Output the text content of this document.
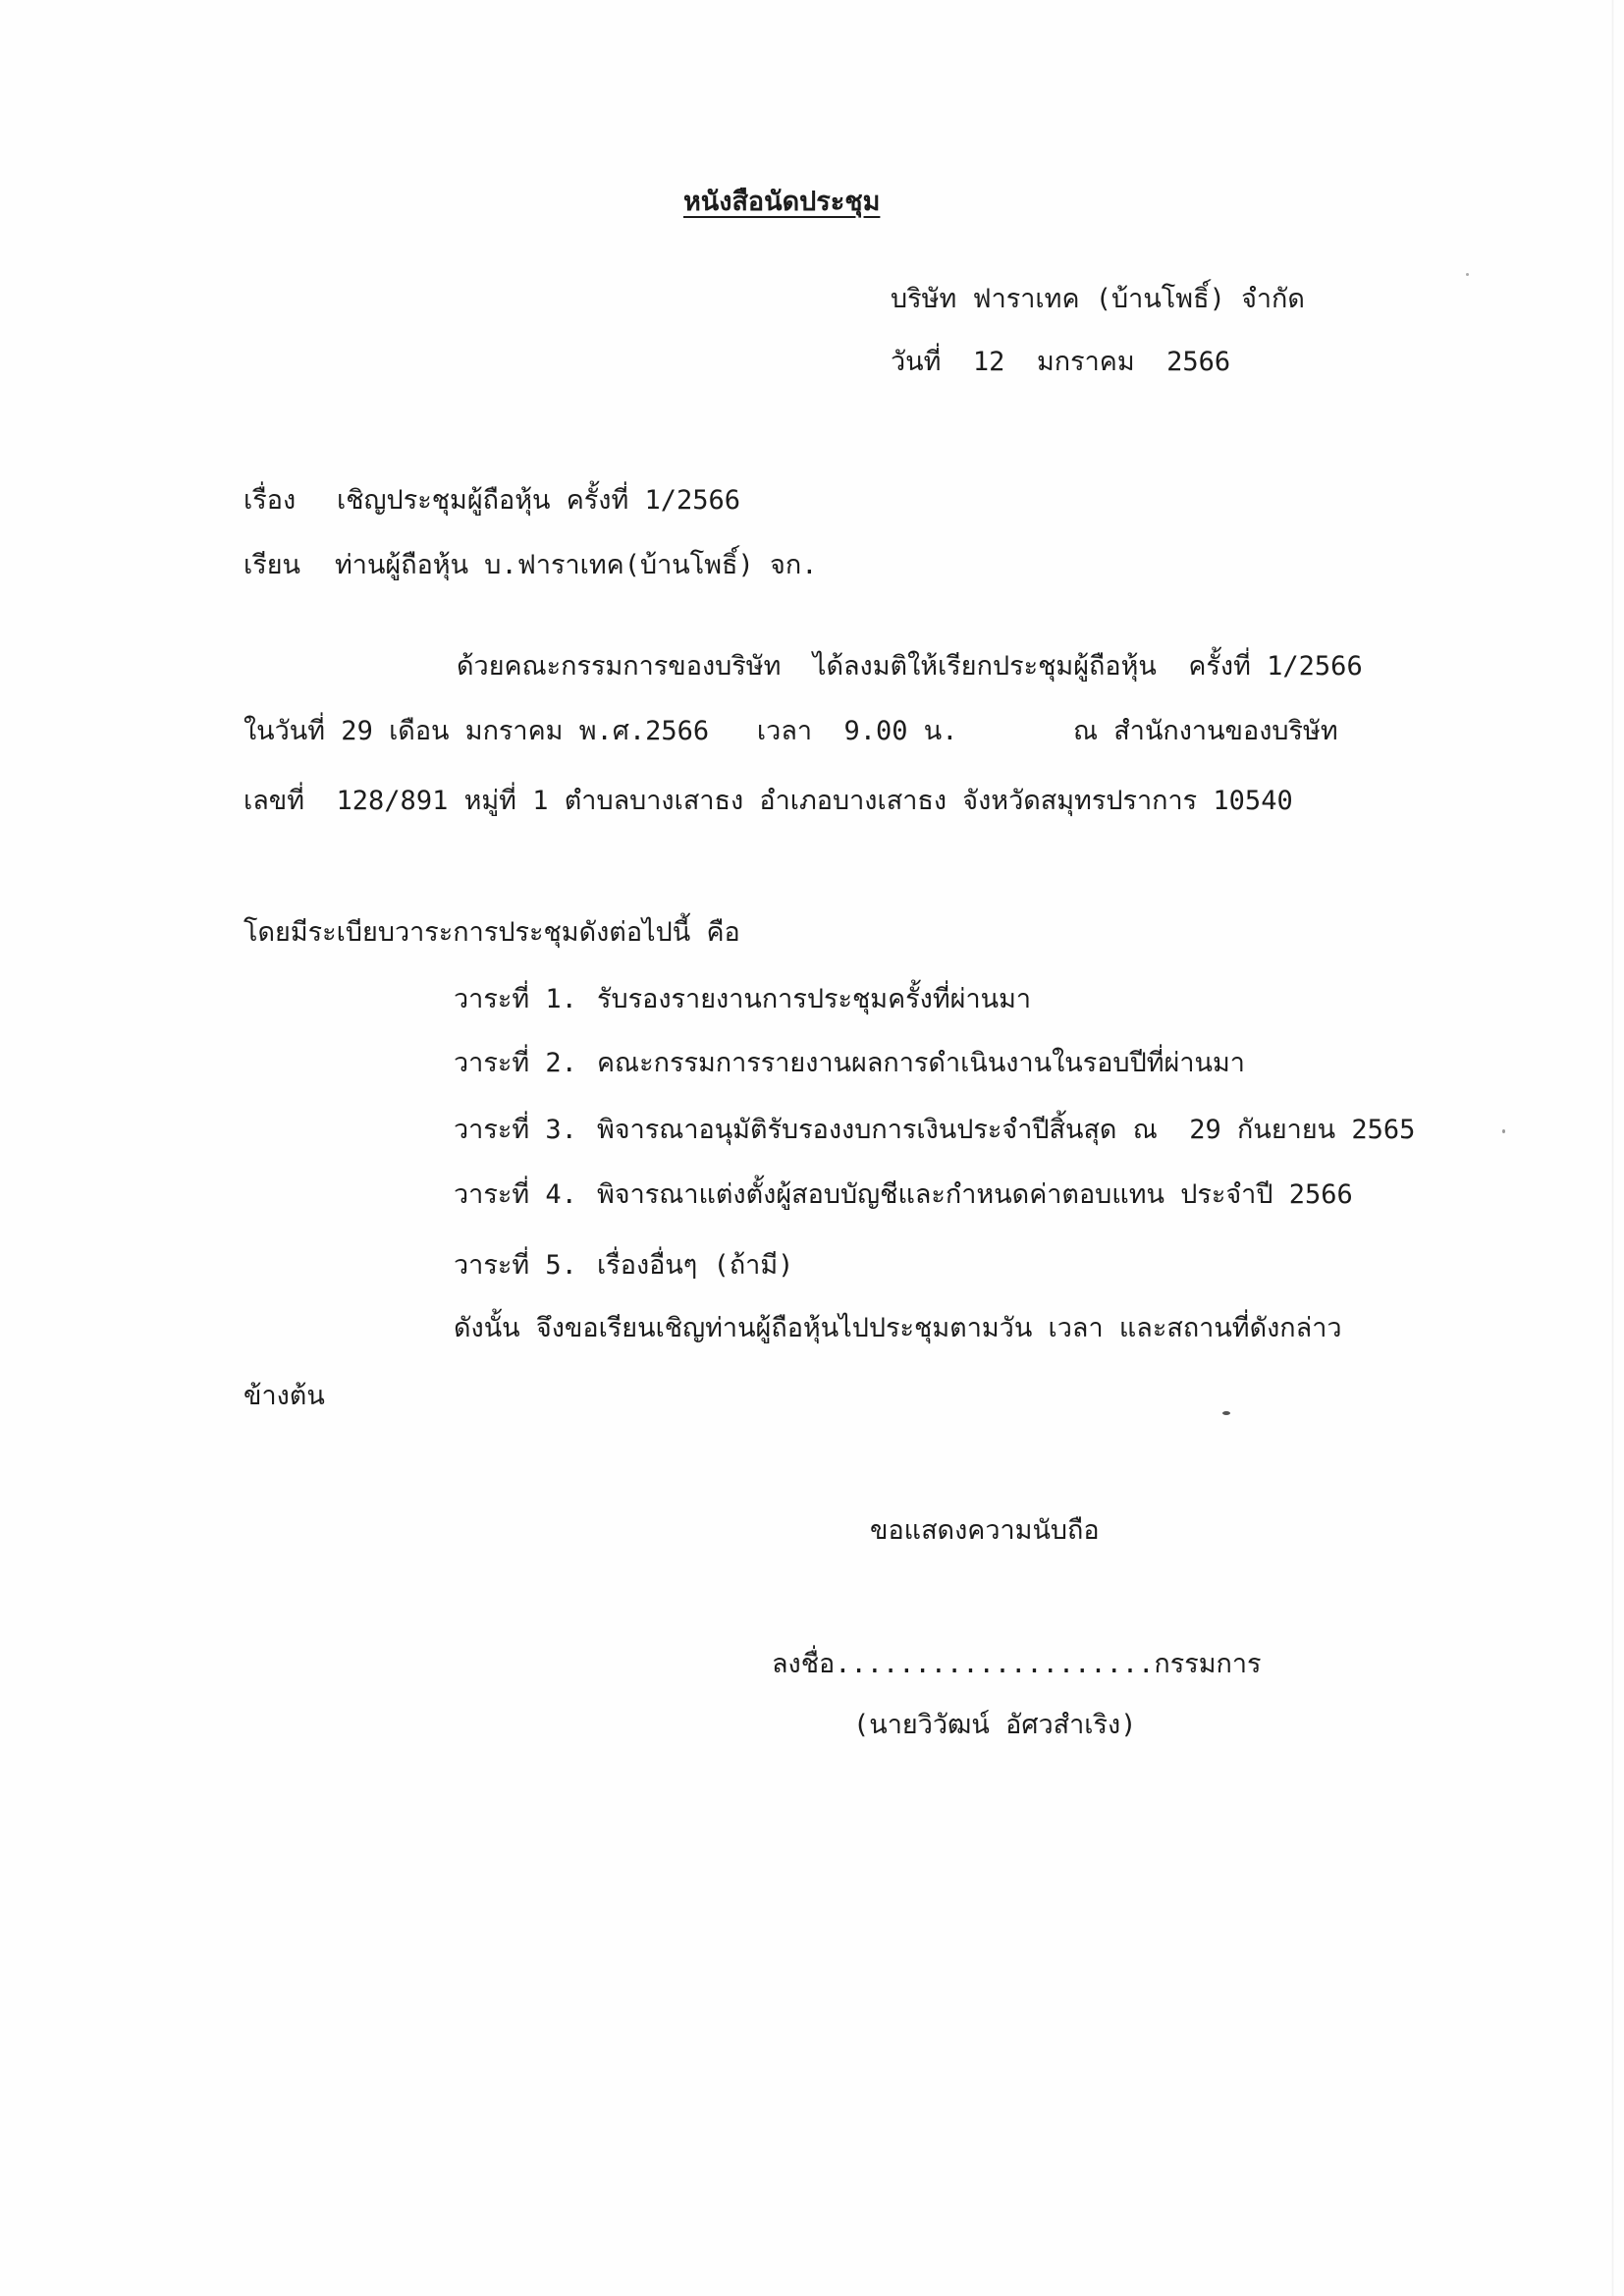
หนังสือนัดประชุม
บริษัท ฟาราเทค (บ้านโพธิ์) จำกัด
วันที่  12  มกราคม  2566
เรื่อง เชิญประชุมผู้ถือหุ้น ครั้งที่ 1/2566
เรียน ท่านผู้ถือหุ้น บ.ฟาราเทค(บ้านโพธิ์) จก.
ด้วยคณะกรรมการของบริษัท  ได้ลงมติให้เรียกประชุมผู้ถือหุ้น  ครั้งที่ 1/2566
ในวันที่ 29 เดือน มกราคม พ.ศ.2566   เวลา  9.00 น.	ณ สำนักงานของบริษัท
เลขที่  128/891 หมู่ที่ 1 ตำบลบางเสาธง อำเภอบางเสาธง จังหวัดสมุทรปราการ 10540
โดยมีระเบียบวาระการประชุมดังต่อไปนี้ คือ
วาระที่ 1. รับรองรายงานการประชุมครั้งที่ผ่านมา
วาระที่ 2. คณะกรรมการรายงานผลการดำเนินงานในรอบปีที่ผ่านมา
วาระที่ 3. พิจารณาอนุมัติรับรองงบการเงินประจำปีสิ้นสุด ณ  29 กันยายน 2565
วาระที่ 4. พิจารณาแต่งตั้งผู้สอบบัญชีและกำหนดค่าตอบแทน ประจำปี 2566
วาระที่ 5. เรื่องอื่นๆ (ถ้ามี)
ดังนั้น จึงขอเรียนเชิญท่านผู้ถือหุ้นไปประชุมตามวัน เวลา และสถานที่ดังกล่าว
ข้างต้น
ขอแสดงความนับถือ
ลงชื่อ....................กรรมการ
(นายวิวัฒน์ อัศวสำเริง)
